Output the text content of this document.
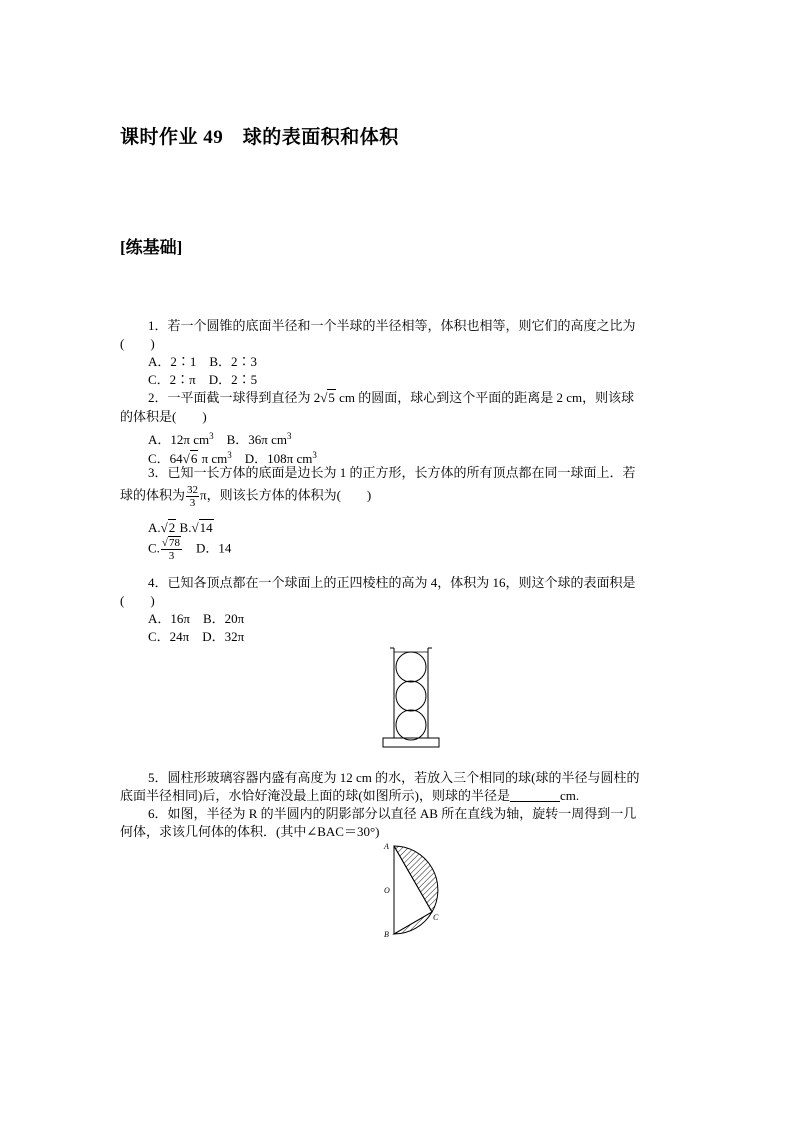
课时作业 49　球的表面积和体积
[练基础]
1．若一个圆锥的底面半径和一个半球的半径相等，体积也相等，则它们的高度之比为
(　　)
A．2∶1　B．2∶3
C．2∶π　D．2∶5
2．一平面截一球得到直径为 2√5 cm 的圆面，球心到这个平面的距离是 2 cm，则该球
的体积是(　　)
A．12π $cm^3$　B．36π $cm^3$
C．64√6 π $cm^3$　D．108π $cm^3$
3．已知一长方体的底面是边长为 1 的正方形，长方体的所有顶点都在同一球面上．若
球的体积为 $\frac{32}{3}$ π，则该长方体的体积为(　　)
A.√2 B.√14
C. $\frac{√78}{3}$ 　D．14
4．已知各顶点都在一个球面上的正四棱柱的高为 4，体积为 16，则这个球的表面积是
(　　)
A．16π　B．20π
C．24π　D．32π
5．圆柱形玻璃容器内盛有高度为 12 cm 的水，若放入三个相同的球(球的半径与圆柱的
底面半径相同)后，水恰好淹没最上面的球(如图所示)，则球的半径是	cm.
6．如图，半径为 R 的半圆内的阴影部分以直径 AB 所在直线为轴，旋转一周得到一几
何体，求该几何体的体积．(其中∠BAC＝30°)
A
O
B
C
